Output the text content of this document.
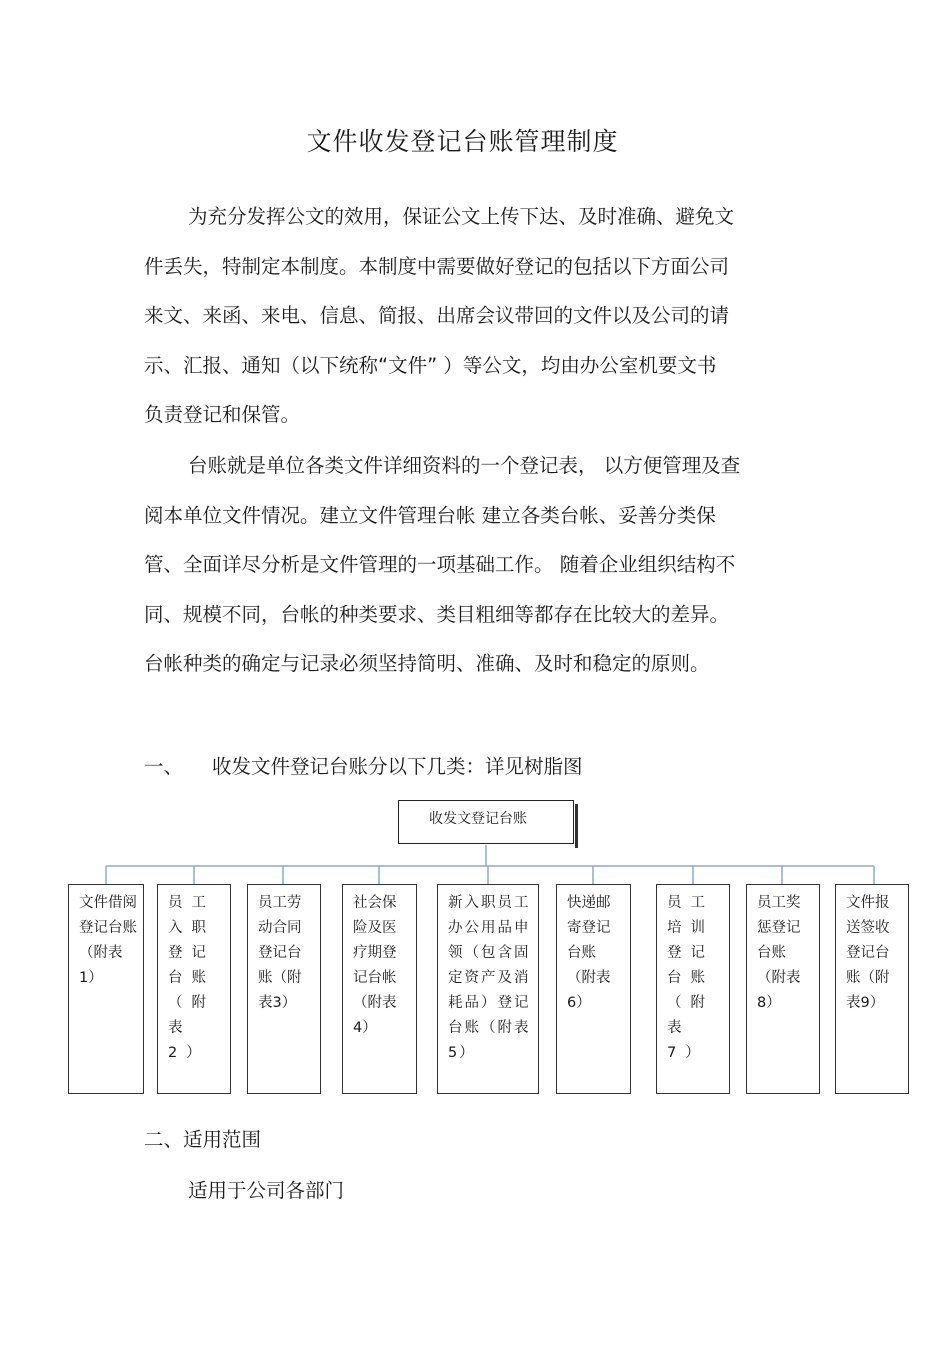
文件收发登记台账管理制度
为充分发挥公文的效用，保证公文上传下达、及时准确、避免文
件丢失，特制定本制度。本制度中需要做好登记的包括以下方面公司
来文、来函、来电、信息、简报、出席会议带回的文件以及公司的请
示、汇报、通知（以下统称“文件” ）等公文，均由办公室机要文书
负责登记和保管。
台账就是单位各类文件详细资料的一个登记表， 以方便管理及查
阅本单位文件情况。建立文件管理台帐 建立各类台帐、妥善分类保
管、全面详尽分析是文件管理的一项基础工作。 随着企业组织结构不
同、规模不同，台帐的种类要求、类目粗细等都存在比较大的差异。
台帐种类的确定与记录必须坚持简明、准确、及时和稳定的原则。
一、 收发文件登记台账分以下几类：详见树脂图
收发文登记台账
文件借阅登记台账（附表1）
员工入职登记台账（附表2）
员工劳动合同登记台账（附表3）
社会保险及医疗期登记台帐（附表4）
新入职员工办公用品申领（包含固定资产及消耗品）登记台账（附表5）
快递邮寄登记台账（附表6）
员工培训登记台账（附表7）
员工奖惩登记台账（附表8）
文件报送签收登记台账（附表9）
二、适用范围
适用于公司各部门
